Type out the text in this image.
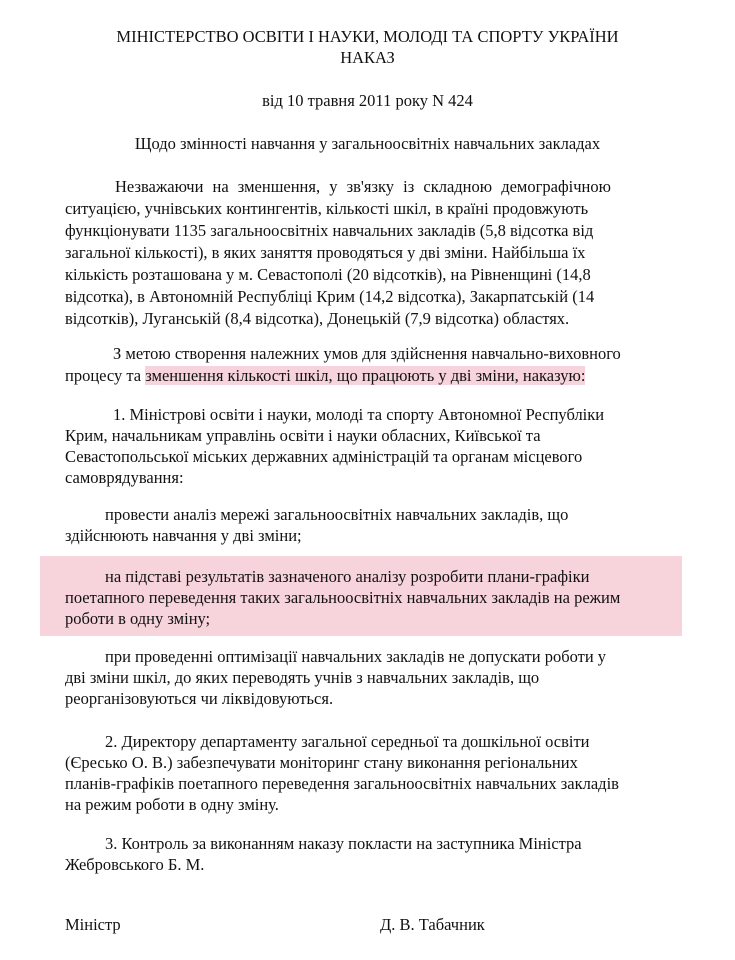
МІНІСТЕРСТВО ОСВІТИ І НАУКИ, МОЛОДІ ТА СПОРТУ УКРАЇНИ
НАКАЗ
від 10 травня 2011 року N 424
Щодо змінності навчання у загальноосвітніх навчальних закладах
Незважаючи на зменшення, у зв'язку із складною демографічною
ситуацією, учнівських контингентів, кількості шкіл, в країні продовжують
функціонувати 1135 загальноосвітніх навчальних закладів (5,8 відсотка від
загальної кількості), в яких заняття проводяться у дві зміни. Найбільша їх
кількість розташована у м. Севастополі (20 відсотків), на Рівненщині (14,8
відсотка), в Автономній Республіці Крим (14,2 відсотка), Закарпатській (14
відсотків), Луганській (8,4 відсотка), Донецькій (7,9 відсотка) областях.
З метою створення належних умов для здійснення навчально-виховного
процесу та зменшення кількості шкіл, що працюють у дві зміни, наказую:
1. Міністрові освіти і науки, молоді та спорту Автономної Республіки
Крим, начальникам управлінь освіти і науки обласних, Київської та
Севастопольської міських державних адміністрацій та органам місцевого
самоврядування:
провести аналіз мережі загальноосвітніх навчальних закладів, що
здійснюють навчання у дві зміни;
на підставі результатів зазначеного аналізу розробити плани-графіки
поетапного переведення таких загальноосвітніх навчальних закладів на режим
роботи в одну зміну;
при проведенні оптимізації навчальних закладів не допускати роботи у
дві зміни шкіл, до яких переводять учнів з навчальних закладів, що
реорганізовуються чи ліквідовуються.
2. Директору департаменту загальної середньої та дошкільної освіти
(Єресько О. В.) забезпечувати моніторинг стану виконання регіональних
планів-графіків поетапного переведення загальноосвітніх навчальних закладів
на режим роботи в одну зміну.
3. Контроль за виконанням наказу покласти на заступника Міністра
Жебровського Б. М.
Міністр	Д. В. Табачник
